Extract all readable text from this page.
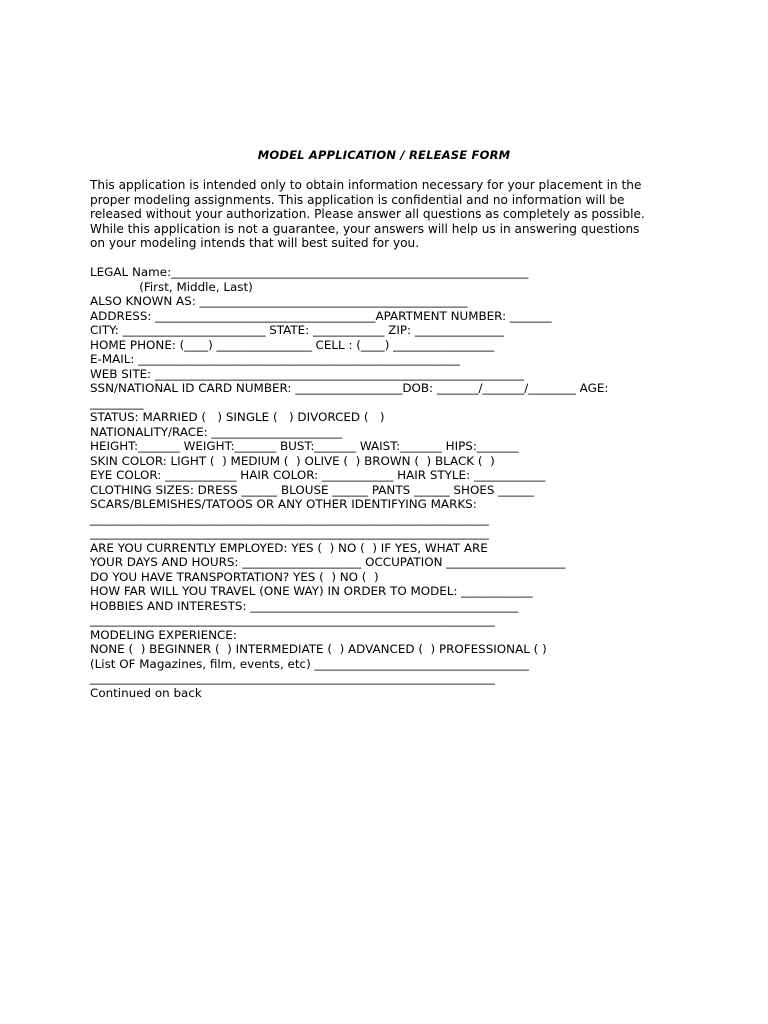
MODEL APPLICATION / RELEASE FORM
This application is intended only to obtain information necessary for your placement in the
proper modeling assignments. This application is confidential and no information will be
released without your authorization. Please answer all questions as completely as possible.
While this application is not a guarantee, your answers will help us in answering questions
on your modeling intends that will best suited for you.
LEGAL Name:____________________________________________________________
(First, Middle, Last)
ALSO KNOWN AS: _____________________________________________
ADDRESS: _____________________________________APARTMENT NUMBER: _______
CITY: ________________________ STATE: ____________ ZIP: _______________
HOME PHONE: (____) ________________ CELL : (____) _________________
E-MAIL: ______________________________________________________
WEB SITE: ______________________________________________________________
SSN/NATIONAL ID CARD NUMBER: __________________DOB: _______/_______/________ AGE:
_________
STATUS: MARRIED (   ) SINGLE (   ) DIVORCED (   )
NATIONALITY/RACE: ______________________
HEIGHT:_______ WEIGHT:_______ BUST:_______ WAIST:_______ HIPS:_______
SKIN COLOR: LIGHT (  ) MEDIUM (  ) OLIVE (  ) BROWN (  ) BLACK (  )
EYE COLOR: ____________ HAIR COLOR: ____________ HAIR STYLE: ____________
CLOTHING SIZES: DRESS ______ BLOUSE ______ PANTS ______ SHOES ______
SCARS/BLEMISHES/TATOOS OR ANY OTHER IDENTIFYING MARKS:
___________________________________________________________________
___________________________________________________________________
ARE YOU CURRENTLY EMPLOYED: YES (  ) NO (  ) IF YES, WHAT ARE
YOUR DAYS AND HOURS: ____________________ OCCUPATION ____________________
DO YOU HAVE TRANSPORTATION? YES (  ) NO (  )
HOW FAR WILL YOU TRAVEL (ONE WAY) IN ORDER TO MODEL: ____________
HOBBIES AND INTERESTS: _____________________________________________
____________________________________________________________________
MODELING EXPERIENCE:
NONE (  ) BEGINNER (  ) INTERMEDIATE (  ) ADVANCED (  ) PROFESSIONAL ( )
(List OF Magazines, film, events, etc) ____________________________________
____________________________________________________________________
Continued on back
